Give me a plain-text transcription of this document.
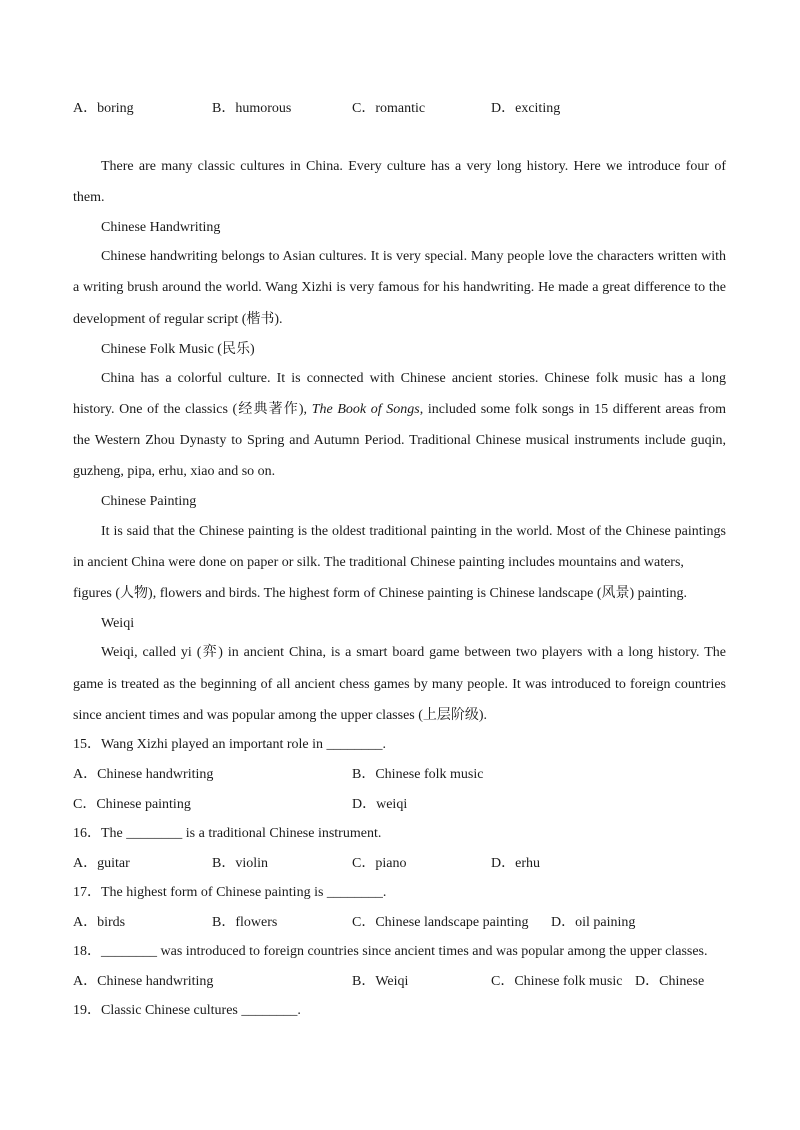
A．boring	B．humorous	C．romantic	D．exciting
There are many classic cultures in China. Every culture has a very long history. Here we introduce four of
them.
Chinese Handwriting
Chinese handwriting belongs to Asian cultures. It is very special. Many people love the characters written with
a writing brush around the world. Wang Xizhi is very famous for his handwriting. He made a great difference to the
development of regular script (楷书).
Chinese Folk Music (民乐)
China has a colorful culture. It is connected with Chinese ancient stories. Chinese folk music has a long
history. One of the classics (经典著作), The Book of Songs, included some folk songs in 15 different areas from
the Western Zhou Dynasty to Spring and Autumn Period. Traditional Chinese musical instruments include guqin,
guzheng, pipa, erhu, xiao and so on.
Chinese Painting
It is said that the Chinese painting is the oldest traditional painting in the world. Most of the Chinese paintings
in ancient China were done on paper or silk. The traditional Chinese painting includes mountains and waters,
figures (人物), flowers and birds. The highest form of Chinese painting is Chinese landscape (风景) painting.
Weiqi
Weiqi, called yi (弈) in ancient China, is a smart board game between two players with a long history. The
game is treated as the beginning of all ancient chess games by many people. It was introduced to foreign countries
since ancient times and was popular among the upper classes (上层阶级).
15．Wang Xizhi played an important role in ________.
A．Chinese handwriting	B．Chinese folk music
C．Chinese painting	D．weiqi
16．The ________ is a traditional Chinese instrument.
A．guitar	B．violin	C．piano	D．erhu
17．The highest form of Chinese painting is ________.
A．birds	B．flowers	C．Chinese landscape painting D．oil paining
18．________ was introduced to foreign countries since ancient times and was popular among the upper classes.
A．Chinese handwriting	B．Weiqi	C．Chinese folk music D．Chinese
19．Classic Chinese cultures ________.
